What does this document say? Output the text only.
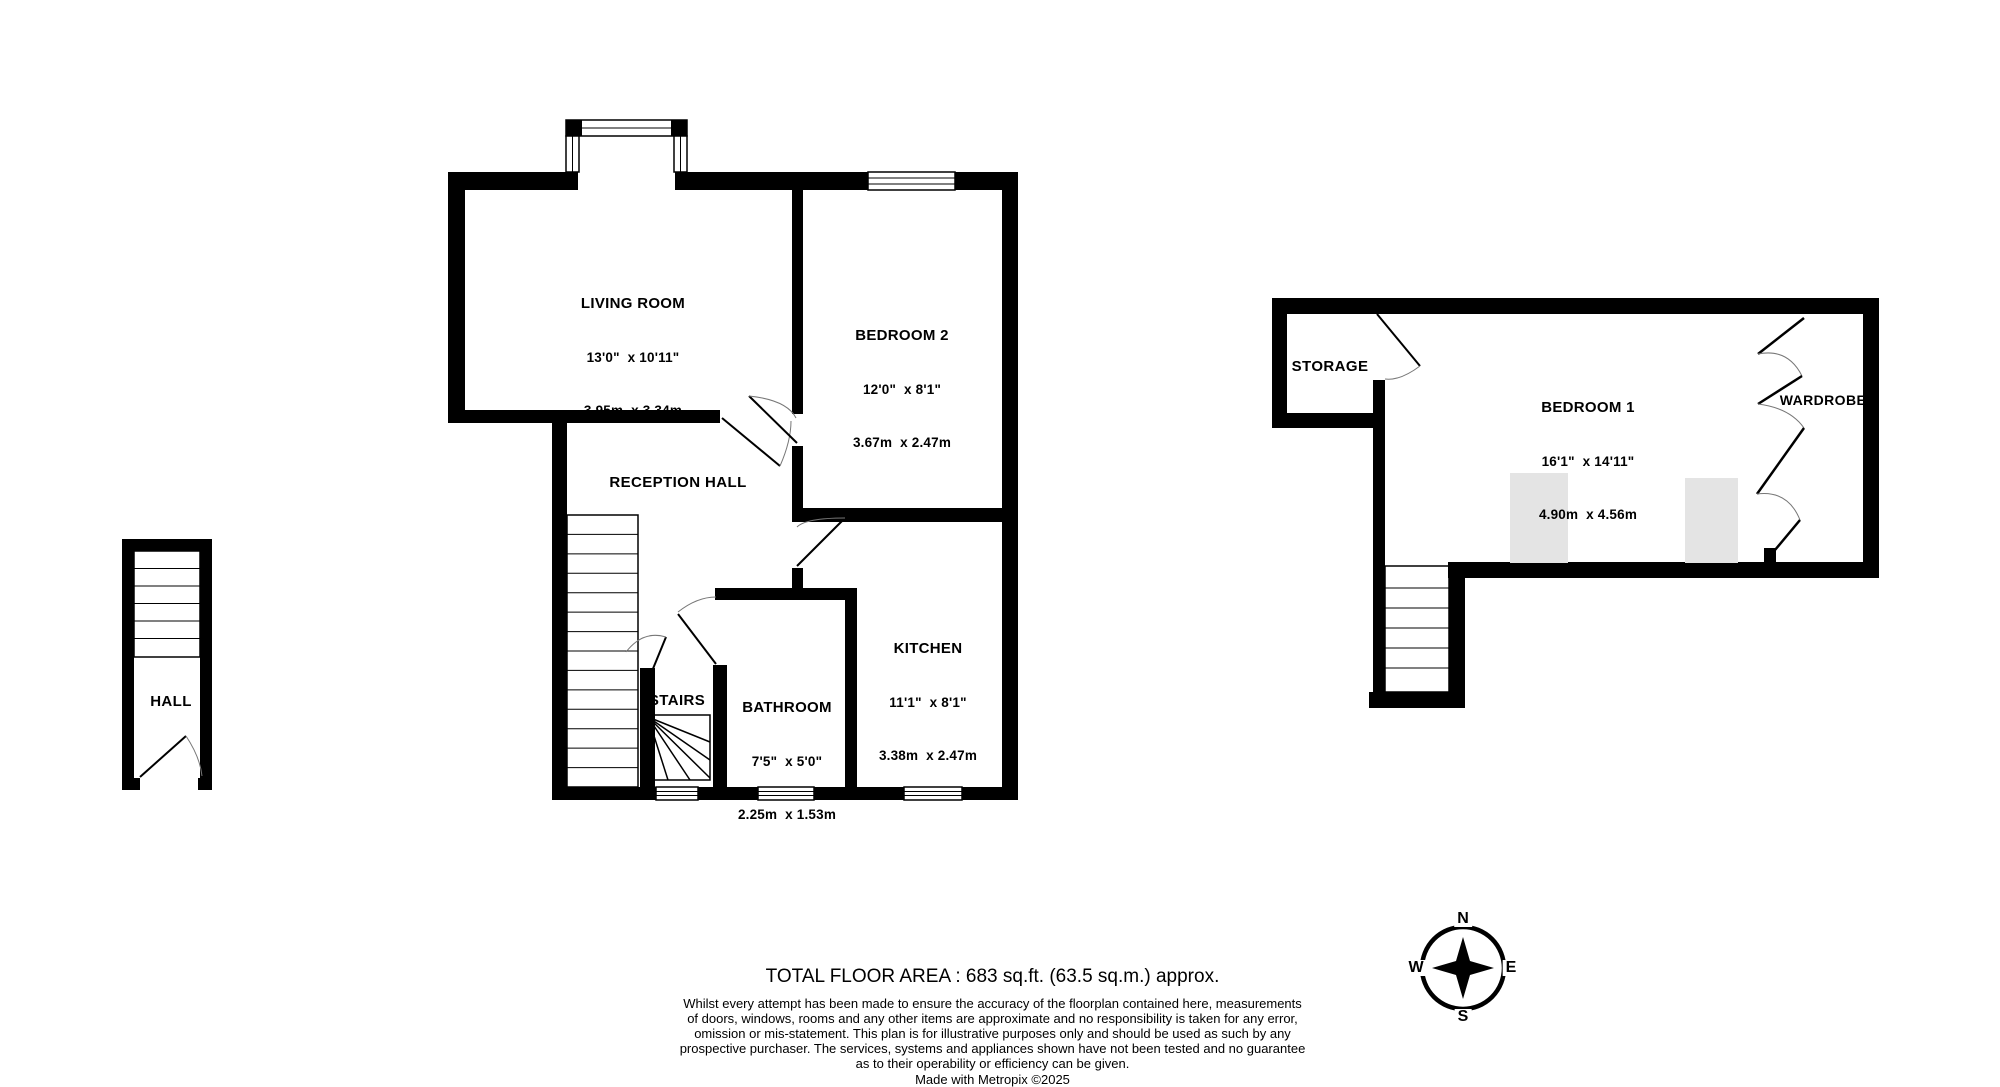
LIVING ROOM

13'0"  x 10'11"

3.95m  x 3.34m

BEDROOM 2

12'0"  x 8'1"

3.67m  x 2.47m

KITCHEN

11'1"  x 8'1"

3.38m  x 2.47m

BATHROOM

7'5"  x 5'0"

2.25m  x 1.53m

RECEPTION HALL
STAIRS
HALL

BEDROOM 1

16'1"  x 14'11"

4.90m  x 4.56m

STORAGE
WARDROBE
N
S
W	E
TOTAL FLOOR AREA : 683 sq.ft. (63.5 sq.m.) approx.
Whilst every attempt has been made to ensure the accuracy of the floorplan contained here, measurements
of doors, windows, rooms and any other items are approximate and no responsibility is taken for any error,
omission or mis-statement. This plan is for illustrative purposes only and should be used as such by any
prospective purchaser. The services, systems and appliances shown have not been tested and no guarantee
as to their operability or efficiency can be given.
Made with Metropix ©2025
